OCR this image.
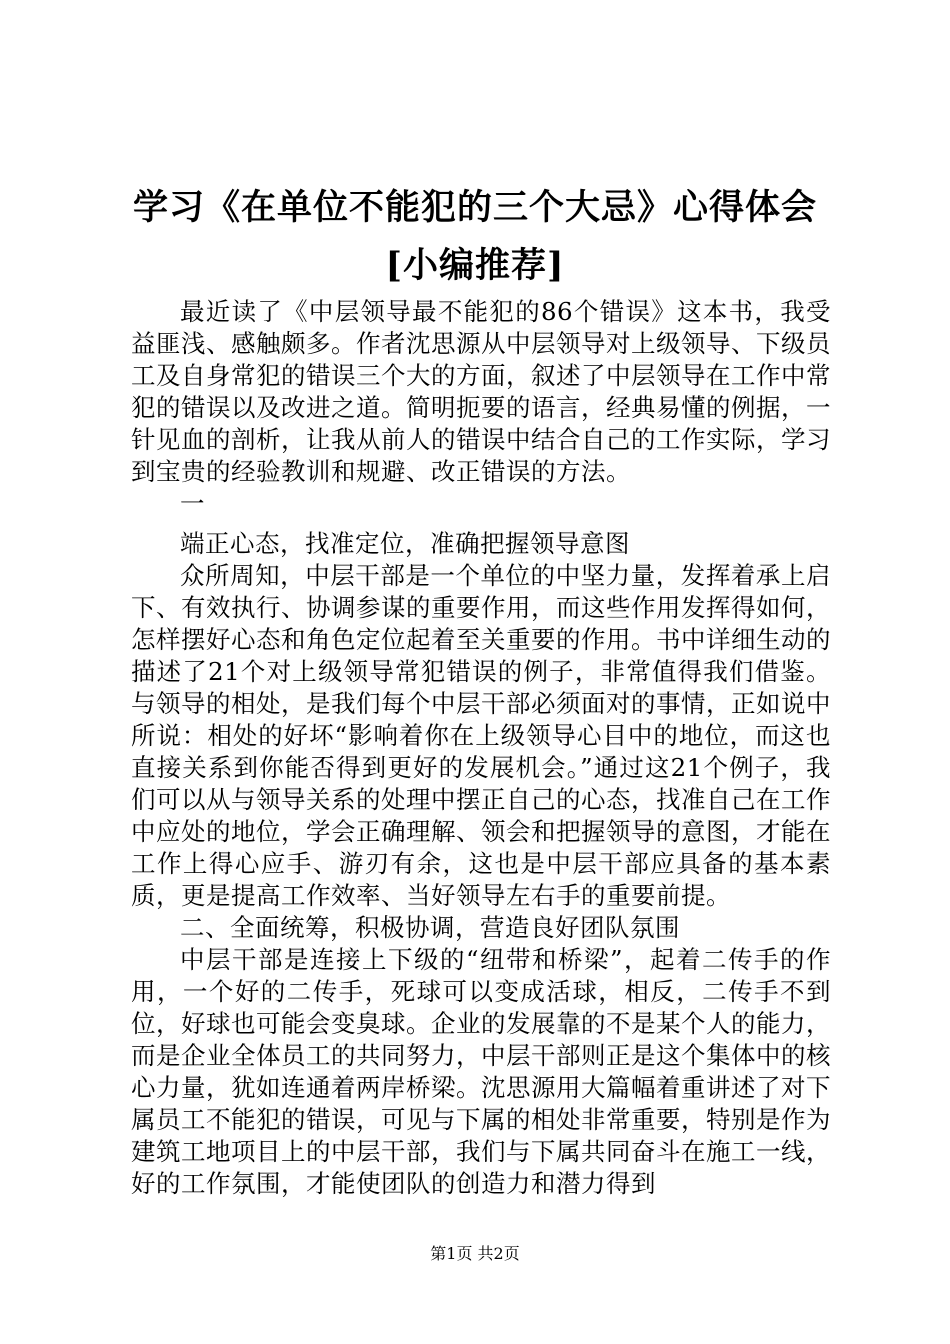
学习《在单位不能犯的三个大忌》心得体会
[小编推荐]

最近读了《中层领导最不能犯的86个错误》这本书，我受益匪浅、感触颇多。作者沈思源从中层领导对上级领导、下级员工及自身常犯的错误三个大的方面，叙述了中层领导在工作中常犯的错误以及改进之道。简明扼要的语言，经典易懂的例据，一针见血的剖析，让我从前人的错误中结合自己的工作实际，学习到宝贵的经验教训和规避、改正错误的方法。

一

端正心态，找准定位，准确把握领导意图

众所周知，中层干部是一个单位的中坚力量，发挥着承上启下、有效执行、协调参谋的重要作用，而这些作用发挥得如何，怎样摆好心态和角色定位起着至关重要的作用。书中详细生动的描述了21个对上级领导常犯错误的例子，非常值得我们借鉴。与领导的相处，是我们每个中层干部必须面对的事情，正如说中所说：相处的好坏“影响着你在上级领导心目中的地位，而这也直接关系到你能否得到更好的发展机会。”通过这21个例子，我们可以从与领导关系的处理中摆正自己的心态，找准自己在工作中应处的地位，学会正确理解、领会和把握领导的意图，才能在工作上得心应手、游刃有余，这也是中层干部应具备的基本素质，更是提高工作效率、当好领导左右手的重要前提。

二、全面统筹，积极协调，营造良好团队氛围

中层干部是连接上下级的“纽带和桥梁”，起着二传手的作用，一个好的二传手，死球可以变成活球，相反，二传手不到位，好球也可能会变臭球。企业的发展靠的不是某个人的能力，而是企业全体员工的共同努力，中层干部则正是这个集体中的核心力量，犹如连通着两岸桥梁。沈思源用大篇幅着重讲述了对下属员工不能犯的错误，可见与下属的相处非常重要，特别是作为建筑工地项目上的中层干部，我们与下属共同奋斗在施工一线，好的工作氛围，才能使团队的创造力和潜力得到

第1页 共2页
